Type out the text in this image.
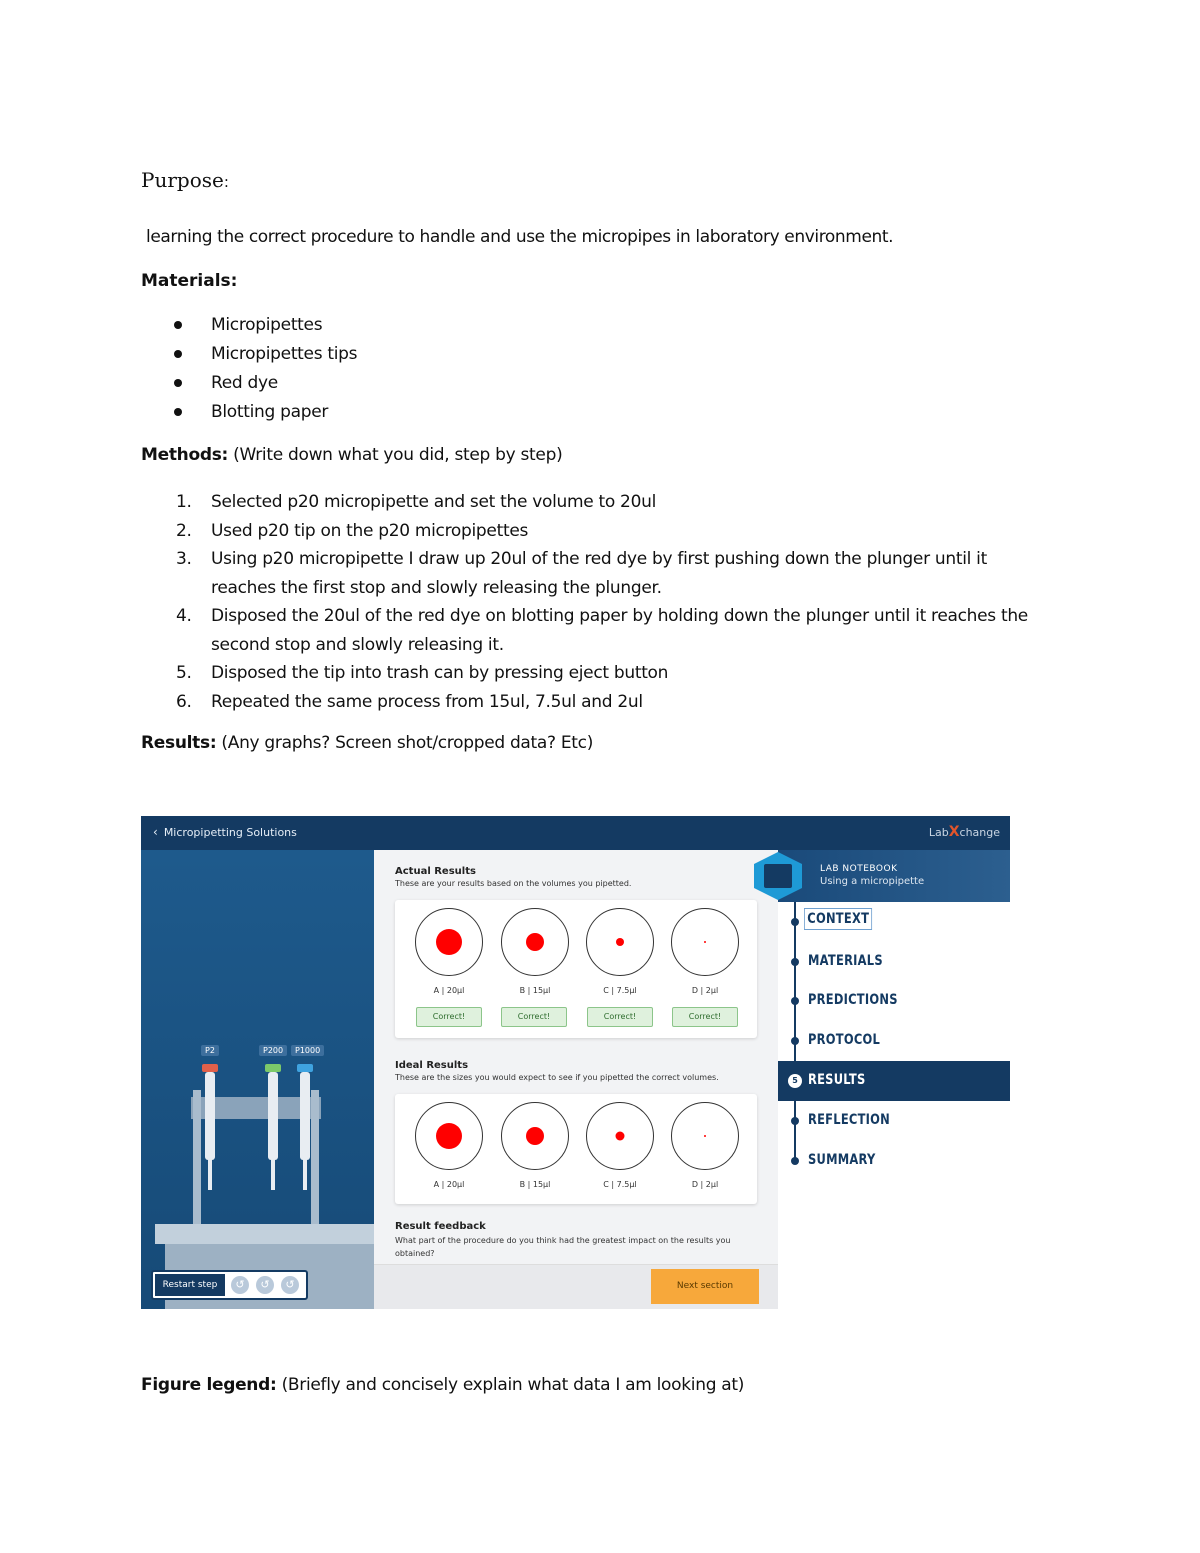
Purpose:
learning the correct procedure to handle and use the micropipes in laboratory environment.
Materials:
Micropipettes
Micropipettes tips
Red dye
Blotting paper
Methods: (Write down what you did, step by step)
1. Selected p20 micropipette and set the volume to 20ul
2. Used p20 tip on the p20 micropipettes
3. Using p20 micropipette I draw up 20ul of the red dye by first pushing down the plunger until it reaches the first stop and slowly releasing the plunger.
4. Disposed the 20ul of the red dye on blotting paper by holding down the plunger until it reaches the second stop and slowly releasing it.
5. Disposed the tip into trash can by pressing eject button
6. Repeated the same process from 15ul, 7.5ul and 2ul
Results: (Any graphs? Screen shot/cropped data? Etc)
‹ Micropipetting Solutions	LabXchange
P2	P200	P1000
Restart step	↺	↺	↺
Actual Results
These are your results based on the volumes you pipetted.
A | 20µl	B | 15µl	C | 7.5µl	D | 2µl
Correct!	Correct!	Correct!	Correct!
Ideal Results
These are the sizes you would expect to see if you pipetted the correct volumes.
A | 20µl	B | 15µl	C | 7.5µl	D | 2µl
Result feedback
What part of the procedure do you think had the greatest impact on the results you obtained?
Next section
LAB NOTEBOOK
Using a micropipette
CONTEXT
MATERIALS
PREDICTIONS
PROTOCOL
5 RESULTS
REFLECTION
SUMMARY
Figure legend: (Briefly and concisely explain what data I am looking at)
